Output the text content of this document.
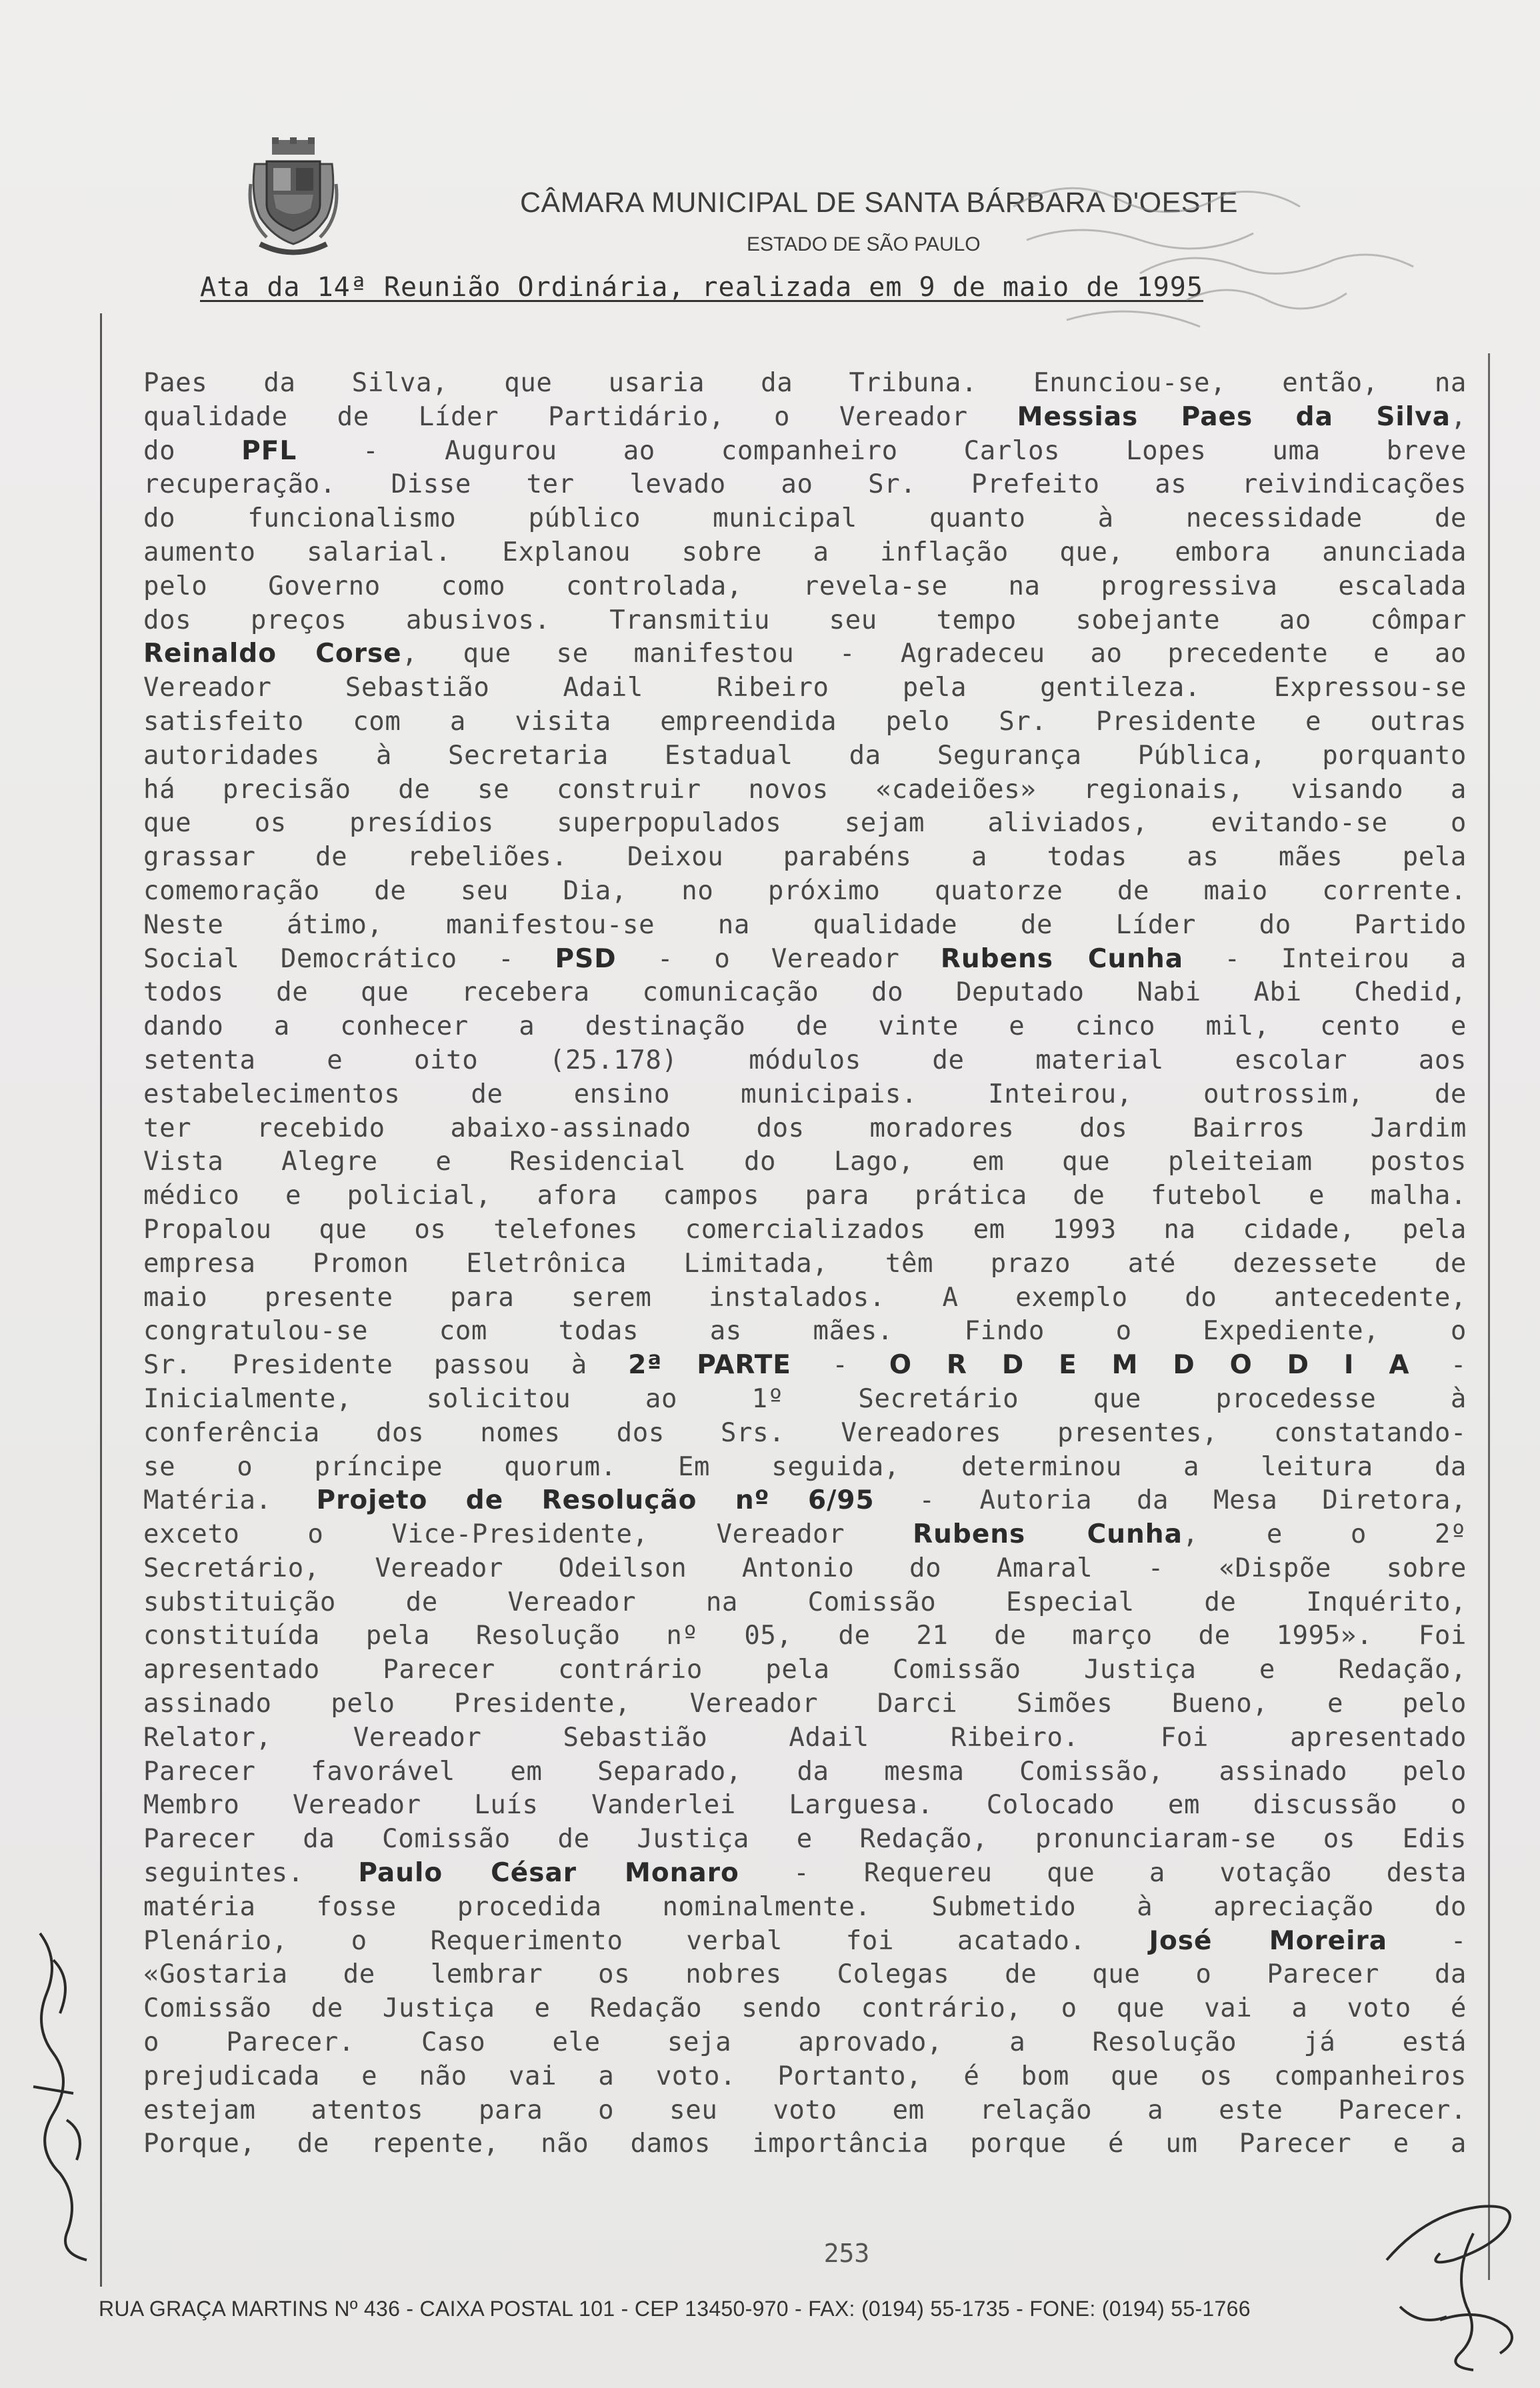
CÂMARA MUNICIPAL DE SANTA BÁRBARA D'OESTE
ESTADO DE SÃO PAULO
Ata da 14ª Reunião Ordinária, realizada em 9 de maio de 1995
Paes da Silva, que usaria da Tribuna. Enunciou-se, então, na
qualidade de Líder Partidário, o Vereador Messias Paes da Silva,
do PFL - Augurou ao companheiro Carlos Lopes uma breve
recuperação. Disse ter levado ao Sr. Prefeito as reivindicações
do funcionalismo público municipal quanto à necessidade de
aumento salarial. Explanou sobre a inflação que, embora anunciada
pelo Governo como controlada, revela-se na progressiva escalada
dos preços abusivos. Transmitiu seu tempo sobejante ao cômpar
Reinaldo Corse, que se manifestou - Agradeceu ao precedente e ao
Vereador Sebastião Adail Ribeiro pela gentileza. Expressou-se
satisfeito com a visita empreendida pelo Sr. Presidente e outras
autoridades à Secretaria Estadual da Segurança Pública, porquanto
há precisão de se construir novos «cadeiões» regionais, visando a
que os presídios superpopulados sejam aliviados, evitando-se o
grassar de rebeliões. Deixou parabéns a todas as mães pela
comemoração de seu Dia, no próximo quatorze de maio corrente.
Neste átimo, manifestou-se na qualidade de Líder do Partido
Social Democrático - PSD - o Vereador Rubens Cunha - Inteirou a
todos de que recebera comunicação do Deputado Nabi Abi Chedid,
dando a conhecer a destinação de vinte e cinco mil, cento e
setenta e oito (25.178) módulos de material escolar aos
estabelecimentos de ensino municipais. Inteirou, outrossim, de
ter recebido abaixo-assinado dos moradores dos Bairros Jardim
Vista Alegre e Residencial do Lago, em que pleiteiam postos
médico e policial, afora campos para prática de futebol e malha.
Propalou que os telefones comercializados em 1993 na cidade, pela
empresa Promon Eletrônica Limitada, têm prazo até dezessete de
maio presente para serem instalados. A exemplo do antecedente,
congratulou-se com todas as mães. Findo o Expediente, o
Sr. Presidente passou à 2ª PARTE - O R D E M D O D I A -
Inicialmente, solicitou ao 1º Secretário que procedesse à
conferência dos nomes dos Srs. Vereadores presentes, constatando-
se o príncipe quorum. Em seguida, determinou a leitura da
Matéria. Projeto de Resolução nº 6/95 - Autoria da Mesa Diretora,
exceto o Vice-Presidente, Vereador Rubens Cunha, e o 2º
Secretário, Vereador Odeilson Antonio do Amaral - «Dispõe sobre
substituição de Vereador na Comissão Especial de Inquérito,
constituída pela Resolução nº 05, de 21 de março de 1995». Foi
apresentado Parecer contrário pela Comissão Justiça e Redação,
assinado pelo Presidente, Vereador Darci Simões Bueno, e pelo
Relator, Vereador Sebastião Adail Ribeiro. Foi apresentado
Parecer favorável em Separado, da mesma Comissão, assinado pelo
Membro Vereador Luís Vanderlei Larguesa. Colocado em discussão o
Parecer da Comissão de Justiça e Redação, pronunciaram-se os Edis
seguintes. Paulo César Monaro - Requereu que a votação desta
matéria fosse procedida nominalmente. Submetido à apreciação do
Plenário, o Requerimento verbal foi acatado. José Moreira -
«Gostaria de lembrar os nobres Colegas de que o Parecer da
Comissão de Justiça e Redação sendo contrário, o que vai a voto é
o Parecer. Caso ele seja aprovado, a Resolução já está
prejudicada e não vai a voto. Portanto, é bom que os companheiros
estejam atentos para o seu voto em relação a este Parecer.
Porque, de repente, não damos importância porque é um Parecer e a
253
RUA GRAÇA MARTINS Nº 436 - CAIXA POSTAL 101 - CEP 13450-970 - FAX: (0194) 55-1735 - FONE: (0194) 55-1766
